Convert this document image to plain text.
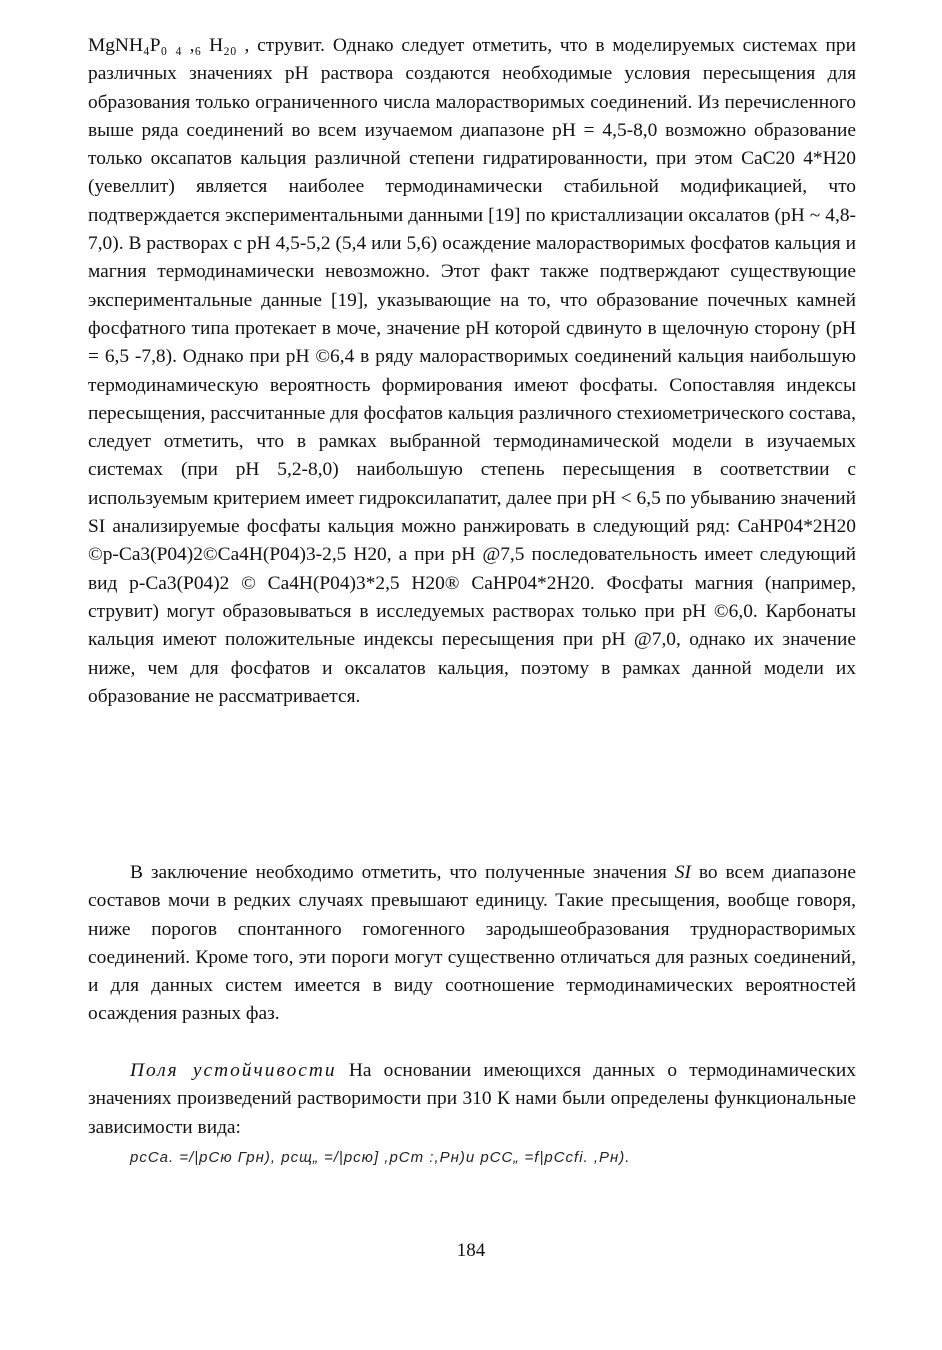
MgNH₄P₀ ₄ ,₆ H₂₀ , струвит. Однако следует отметить, что в моделируемых системах при различных значениях pH раствора создаются необходимые условия пересыщения для образования только ограниченного числа малорастворимых соединений. Из перечисленного выше ряда соединений во всем изучаемом диапазоне pH = 4,5-8,0 возможно образование только оксапатов кальция различной степени гидратированности, при этом CaC20 4*H20 (уевеллит) является наиболее термодинамически стабильной модификацией, что подтверждается экспериментальными данными [19] по кристаллизации оксалатов (pH ~ 4,8-7,0). В растворах с pH 4,5-5,2 (5,4 или 5,6) осаждение малорастворимых фосфатов кальция и магния термодинамически невозможно. Этот факт также подтверждают существующие экспериментальные данные [19], указывающие на то, что образование почечных камней фосфатного типа протекает в моче, значение pH которой сдвинуто в щелочную сторону (pH = 6,5 -7,8). Однако при pH ©6,4 в ряду малорастворимых соединений кальция наибольшую термодинамическую вероятность формирования имеют фосфаты. Сопоставляя индексы пересыщения, рассчитанные для фосфатов кальция различного стехиометрического состава, следует отметить, что в рамках выбранной термодинамической модели в изучаемых системах (при pH 5,2-8,0) наибольшую степень пересыщения в соответствии с используемым критерием имеет гидроксилапатит, далее при pH < 6,5 по убыванию значений SI анализируемые фосфаты кальция можно ранжировать в следующий ряд: CaHP04*2H20 ©р-Са3(Р04)2©Са4Н(Р04)3-2,5 H20, а при pH @7,5 последовательность имеет следующий вид р-Са3(Р04)2 © Са4Н(Р04)3*2,5 H20® CaHP04*2H20. Фосфаты магния (например, струвит) могут образовываться в исследуемых растворах только при pH ©6,0. Карбонаты кальция имеют положительные индексы пересыщения при pH @7,0, однако их значение ниже, чем для фосфатов и оксалатов кальция, поэтому в рамках данной модели их образование не рассматривается.

В заключение необходимо отметить, что полученные значения SI во всем диапазоне составов мочи в редких случаях превышают единицу. Такие пресыщения, вообще говоря, ниже порогов спонтанного гомогенного зародышеобразования труднорастворимых соединений. Кроме того, эти пороги могут существенно отличаться для разных соединений, и для данных систем имеется в виду соотношение термодинамических вероятностей осаждения разных фаз.

Поля устойчивости На основании имеющихся данных о термодинамических значениях произведений растворимости при 310 К нами были определены функциональные зависимости вида:

pcCa. =/|pCю Грн), рсщ„ =/|pсю] ,pCт :,Pн)и pCC„ =f|pCcfi. ,Pн).
184
